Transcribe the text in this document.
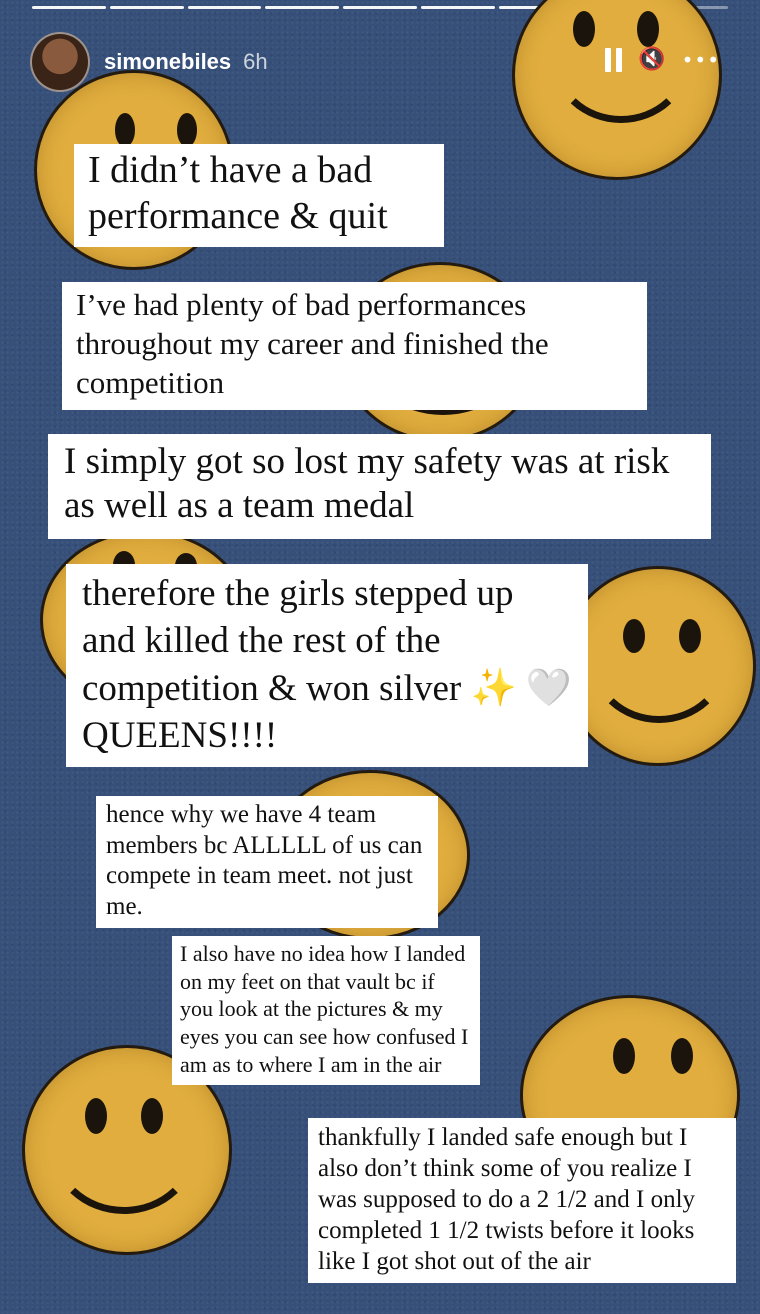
simonebiles 6h	🔇 •••
I didn’t have a bad performance & quit
I’ve had plenty of bad performances throughout my career and finished the competition
I simply got so lost my safety was at risk as well as a team medal
therefore the girls stepped up and killed the rest of the competition & won silver ✨ 🤍 QUEENS!!!!
hence why we have 4 team members bc ALLLLL of us can compete in team meet. not just me.
I also have no idea how I landed on my feet on that vault bc if you look at the pictures & my eyes you can see how confused I am as to where I am in the air
thankfully I landed safe enough but I also don’t think some of you realize I was supposed to do a 2 1/2 and I only completed 1 1/2 twists before it looks like I got shot out of the air
